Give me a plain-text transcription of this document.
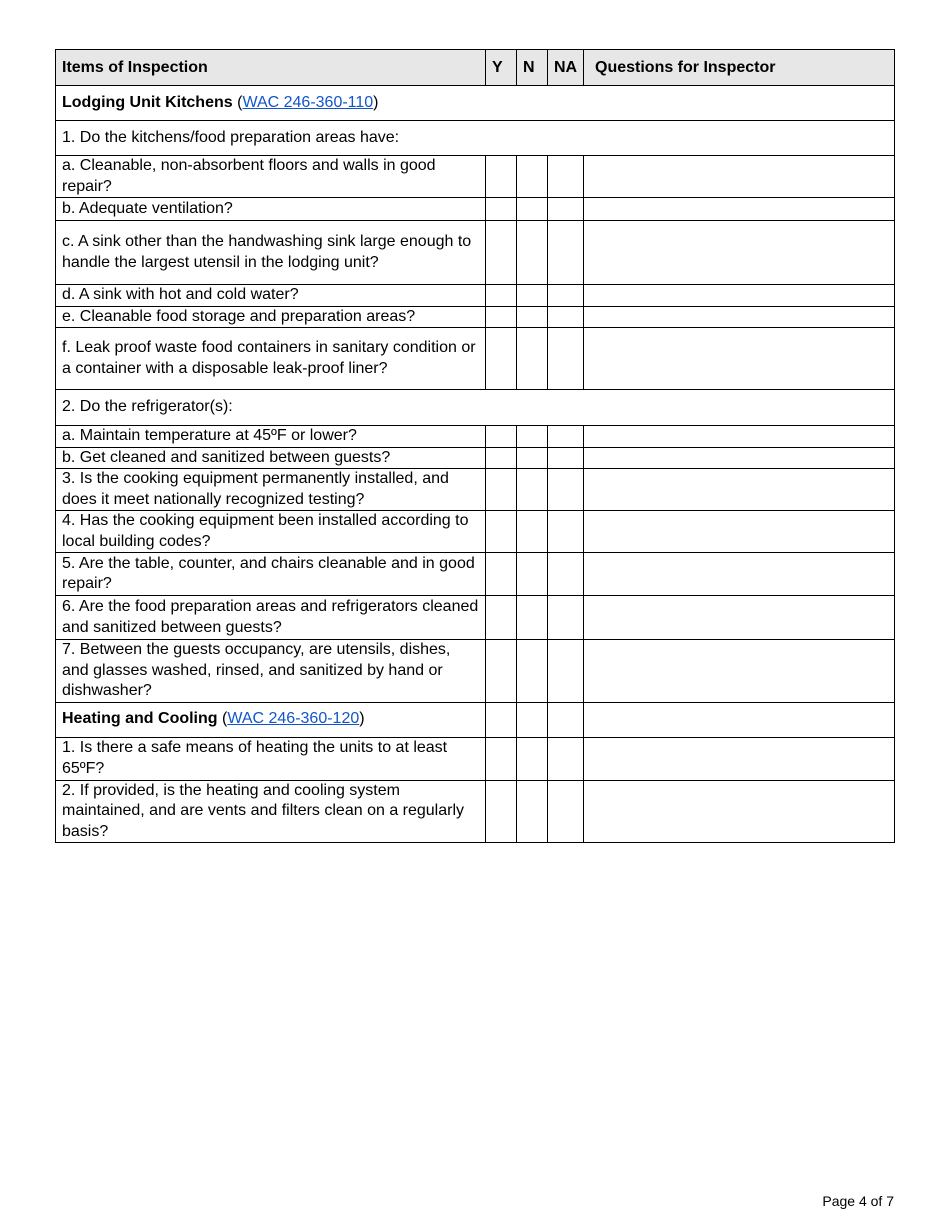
Items of Inspection	Y	N	NA	Questions for Inspector
Lodging Unit Kitchens (WAC 246-360-110)				
1. Do the kitchens/food preparation areas have:				
a. Cleanable, non-absorbent floors and walls in good repair?				
b. Adequate ventilation?				
c. A sink other than the handwashing sink large enough to handle the largest utensil in the lodging unit?				
d. A sink with hot and cold water?				
e. Cleanable food storage and preparation areas?				
f. Leak proof waste food containers in sanitary condition or a container with a disposable leak-proof liner?				
2. Do the refrigerator(s):				
a. Maintain temperature at 45ºF or lower?				
b. Get cleaned and sanitized between guests?				
3. Is the cooking equipment permanently installed, and does it meet nationally recognized testing?				
4. Has the cooking equipment been installed according to local building codes?				
5. Are the table, counter, and chairs cleanable and in good repair?				
6. Are the food preparation areas and refrigerators cleaned and sanitized between guests?				
7. Between the guests occupancy, are utensils, dishes, and glasses washed, rinsed, and sanitized by hand or dishwasher?				
Heating and Cooling (WAC 246-360-120)				
1. Is there a safe means of heating the units to at least 65ºF?				
2. If provided, is the heating and cooling system maintained, and are vents and filters clean on a regularly basis?				
Page 4 of 7
